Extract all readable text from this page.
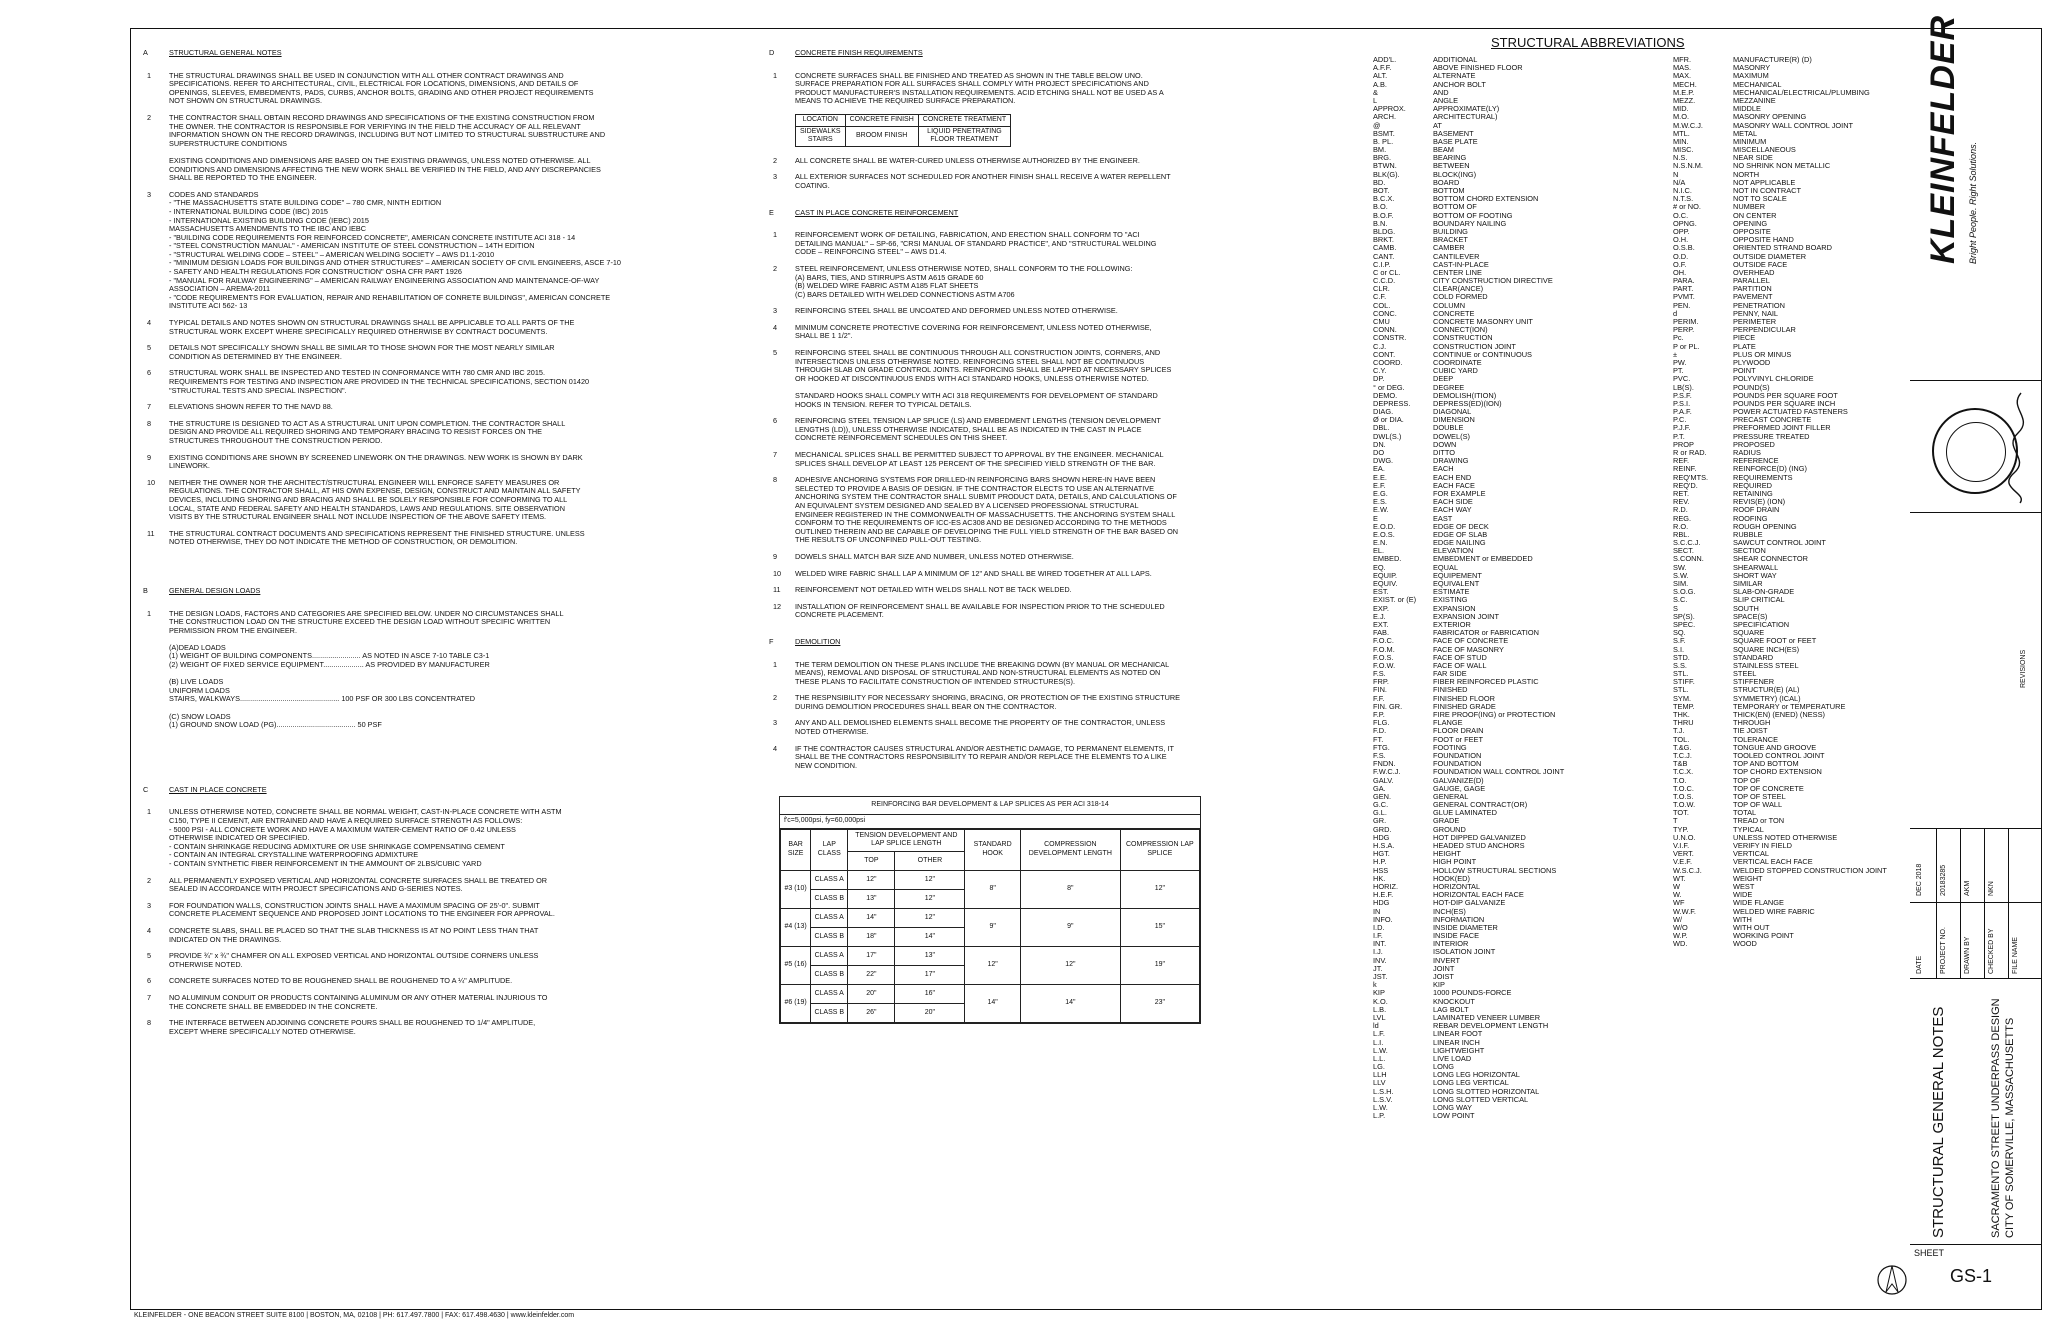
A	STRUCTURAL GENERAL NOTES
1	THE STRUCTURAL DRAWINGS SHALL BE USED IN CONJUNCTION WITH ALL OTHER CONTRACT DRAWINGS AND
SPECIFICATIONS. REFER TO ARCHITECTURAL, CIVIL, ELECTRICAL FOR LOCATIONS, DIMENSIONS, AND DETAILS OF
OPENINGS, SLEEVES, EMBEDMENTS, PADS, CURBS, ANCHOR BOLTS, GRADING AND OTHER PROJECT REQUIREMENTS
NOT SHOWN ON STRUCTURAL DRAWINGS.
2	THE CONTRACTOR SHALL OBTAIN RECORD DRAWINGS AND SPECIFICATIONS OF THE EXISTING CONSTRUCTION FROM
THE OWNER. THE CONTRACTOR IS RESPONSIBLE FOR VERIFYING IN THE FIELD THE ACCURACY OF ALL RELEVANT
INFORMATION SHOWN ON THE RECORD DRAWINGS, INCLUDING BUT NOT LIMITED TO STRUCTURAL SUBSTRUCTURE AND
SUPERSTRUCTURE CONDITIONS

EXISTING CONDITIONS AND DIMENSIONS ARE BASED ON THE EXISTING DRAWINGS, UNLESS NOTED OTHERWISE. ALL
CONDITIONS AND DIMENSIONS AFFECTING THE NEW WORK SHALL BE VERIFIED IN THE FIELD, AND ANY DISCREPANCIES
SHALL BE REPORTED TO THE ENGINEER.
3	CODES AND STANDARDS
- "THE MASSACHUSETTS STATE BUILDING CODE" – 780 CMR, NINTH EDITION
- INTERNATIONAL BUILDING CODE (IBC) 2015
- INTERNATIONAL EXISTING BUILDING CODE (IEBC) 2015
MASSACHUSETTS AMENDMENTS TO THE IBC AND IEBC
- "BUILDING CODE REQUIREMENTS FOR REINFORCED CONCRETE", AMERICAN CONCRETE INSTITUTE ACI 318 - 14
- "STEEL CONSTRUCTION MANUAL" - AMERICAN INSTITUTE OF STEEL CONSTRUCTION – 14TH EDITION
- "STRUCTURAL WELDING CODE – STEEL" – AMERICAN WELDING SOCIETY – AWS D1.1-2010
- "MINIMUM DESIGN LOADS FOR BUILDINGS AND OTHER STRUCTURES" – AMERICAN SOCIETY OF CIVIL ENGINEERS, ASCE 7-10
- SAFETY AND HEALTH REGULATIONS FOR CONSTRUCTION" OSHA CFR PART 1926
- "MANUAL FOR RAILWAY ENGINEERING" – AMERICAN RAILWAY ENGINEERING ASSOCIATION AND MAINTENANCE-OF-WAY
ASSOCIATION – AREMA-2011
- "CODE REQUIREMENTS FOR EVALUATION, REPAIR AND REHABILITATION OF CONRETE BUILDINGS", AMERICAN CONCRETE
INSTITUTE ACI 562- 13
4	TYPICAL DETAILS AND NOTES SHOWN ON STRUCTURAL DRAWINGS SHALL BE APPLICABLE TO ALL PARTS OF THE
STRUCTURAL WORK EXCEPT WHERE SPECIFICALLY REQUIRED OTHERWISE BY CONTRACT DOCUMENTS.
5	DETAILS NOT SPECIFICALLY SHOWN SHALL BE SIMILAR TO THOSE SHOWN FOR THE MOST NEARLY SIMILAR
CONDITION AS DETERMINED BY THE ENGINEER.
6	STRUCTURAL WORK SHALL BE INSPECTED AND TESTED IN CONFORMANCE WITH 780 CMR AND IBC 2015.
REQUIREMENTS FOR TESTING AND INSPECTION ARE PROVIDED IN THE TECHNICAL SPECIFICATIONS, SECTION 01420
"STRUCTURAL TESTS AND SPECIAL INSPECTION".
7	ELEVATIONS SHOWN REFER TO THE NAVD 88.
8	THE STRUCTURE IS DESIGNED TO ACT AS A STRUCTURAL UNIT UPON COMPLETION. THE CONTRACTOR SHALL
DESIGN AND PROVIDE ALL REQUIRED SHORING AND TEMPORARY BRACING TO RESIST FORCES ON THE
STRUCTURES THROUGHOUT THE CONSTRUCTION PERIOD.
9	EXISTING CONDITIONS ARE SHOWN BY SCREENED LINEWORK ON THE DRAWINGS. NEW WORK IS SHOWN BY DARK
LINEWORK.
10	NEITHER THE OWNER NOR THE ARCHITECT/STRUCTURAL ENGINEER WILL ENFORCE SAFETY MEASURES OR
REGULATIONS. THE CONTRACTOR SHALL, AT HIS OWN EXPENSE, DESIGN, CONSTRUCT AND MAINTAIN ALL SAFETY
DEVICES, INCLUDING SHORING AND BRACING AND SHALL BE SOLELY RESPONSIBLE FOR CONFORMING TO ALL
LOCAL, STATE AND FEDERAL SAFETY AND HEALTH STANDARDS, LAWS AND REGULATIONS. SITE OBSERVATION
VISITS BY THE STRUCTURAL ENGINEER SHALL NOT INCLUDE INSPECTION OF THE ABOVE SAFETY ITEMS.
11	THE STRUCTURAL CONTRACT DOCUMENTS AND SPECIFICATIONS REPRESENT THE FINISHED STRUCTURE. UNLESS
NOTED OTHERWISE, THEY DO NOT INDICATE THE METHOD OF CONSTRUCTION, OR DEMOLITION.
B	GENERAL DESIGN LOADS
1	THE DESIGN LOADS, FACTORS AND CATEGORIES ARE SPECIFIED BELOW. UNDER NO CIRCUMSTANCES SHALL
THE CONSTRUCTION LOAD ON THE STRUCTURE EXCEED THE DESIGN LOAD WITHOUT SPECIFIC WRITTEN
PERMISSION FROM THE ENGINEER.

(A)DEAD LOADS
(1) WEIGHT OF BUILDING COMPONENTS........................ AS NOTED IN ASCE 7-10 TABLE C3-1
(2) WEIGHT OF FIXED SERVICE EQUIPMENT.................... AS PROVIDED BY MANUFACTURER

(B) LIVE LOADS
UNIFORM LOADS
STAIRS, WALKWAYS................................................. 100 PSF OR 300 LBS CONCENTRATED

(C) SNOW LOADS
(1) GROUND SNOW LOAD (PG)....................................... 50 PSF
C	CAST IN PLACE CONCRETE
1	UNLESS OTHERWISE NOTED, CONCRETE SHALL BE NORMAL WEIGHT, CAST-IN-PLACE CONCRETE WITH ASTM
C150, TYPE II CEMENT, AIR ENTRAINED AND HAVE A REQUIRED SURFACE STRENGTH AS FOLLOWS:
- 5000 PSI - ALL CONCRETE WORK AND HAVE A MAXIMUM WATER-CEMENT RATIO OF 0.42 UNLESS
OTHERWISE INDICATED OR SPECIFIED.
- CONTAIN SHRINKAGE REDUCING ADMIXTURE OR USE SHRINKAGE COMPENSATING CEMENT
- CONTAIN AN INTEGRAL CRYSTALLINE WATERPROOFING ADMIXTURE
- CONTAIN SYNTHETIC FIBER REINFORCEMENT IN THE AMMOUNT OF 2LBS/CUBIC YARD
2	ALL PERMANENTLY EXPOSED VERTICAL AND HORIZONTAL CONCRETE SURFACES SHALL BE TREATED OR
SEALED IN ACCORDANCE WITH PROJECT SPECIFICATIONS AND G-SERIES NOTES.
3	FOR FOUNDATION WALLS, CONSTRUCTION JOINTS SHALL HAVE A MAXIMUM SPACING OF 25'-0". SUBMIT
CONCRETE PLACEMENT SEQUENCE AND PROPOSED JOINT LOCATIONS TO THE ENGINEER FOR APPROVAL.
4	CONCRETE SLABS, SHALL BE PLACED SO THAT THE SLAB THICKNESS IS AT NO POINT LESS THAN THAT
INDICATED ON THE DRAWINGS.
5	PROVIDE ¾" x ¾" CHAMFER ON ALL EXPOSED VERTICAL AND HORIZONTAL OUTSIDE CORNERS UNLESS
OTHERWISE NOTED.
6	CONCRETE SURFACES NOTED TO BE ROUGHENED SHALL BE ROUGHENED TO A ¼" AMPLITUDE.
7	NO ALUMINUM CONDUIT OR PRODUCTS CONTAINING ALUMINUM OR ANY OTHER MATERIAL INJURIOUS TO
THE CONCRETE SHALL BE EMBEDDED IN THE CONCRETE.
8	THE INTERFACE BETWEEN ADJOINING CONCRETE POURS SHALL BE ROUGHENED TO 1/4" AMPLITUDE,
EXCEPT WHERE SPECIFICALLY NOTED OTHERWISE.
D	CONCRETE FINISH REQUIREMENTS
1	CONCRETE SURFACES SHALL BE FINISHED AND TREATED AS SHOWN IN THE TABLE BELOW UNO.
SURFACE PREPARATION FOR ALL SURFACES SHALL COMPLY WITH PROJECT SPECIFICATIONS AND
PRODUCT MANUFACTURER'S INSTALLATION REQUIREMENTS. ACID ETCHING SHALL NOT BE USED AS A
MEANS TO ACHIEVE THE REQUIRED SURFACE PREPARATION.
LOCATION	CONCRETE FINISH	CONCRETE TREATMENT
SIDEWALKS
STAIRS	BROOM FINISH	LIQUID PENETRATING
FLOOR TREATMENT
2	ALL CONCRETE SHALL BE WATER-CURED UNLESS OTHERWISE AUTHORIZED BY THE ENGINEER.
3	ALL EXTERIOR SURFACES NOT SCHEDULED FOR ANOTHER FINISH SHALL RECEIVE A WATER REPELLENT
COATING.
E	CAST IN PLACE CONCRETE REINFORCEMENT
1	REINFORCEMENT WORK OF DETAILING, FABRICATION, AND ERECTION SHALL CONFORM TO "ACI
DETAILING MANUAL" – SP-66, "CRSI MANUAL OF STANDARD PRACTICE", AND "STRUCTURAL WELDING
CODE – REINFORCING STEEL" – AWS D1.4.
2	STEEL REINFORCEMENT, UNLESS OTHERWISE NOTED, SHALL CONFORM TO THE FOLLOWING:
(A) BARS, TIES, AND STIRRUPS ASTM A615 GRADE 60
(B) WELDED WIRE FABRIC ASTM A185 FLAT SHEETS
(C) BARS DETAILED WITH WELDED CONNECTIONS ASTM A706
3	REINFORCING STEEL SHALL BE UNCOATED AND DEFORMED UNLESS NOTED OTHERWISE.
4	MINIMUM CONCRETE PROTECTIVE COVERING FOR REINFORCEMENT, UNLESS NOTED OTHERWISE,
SHALL BE 1 1/2".
5	REINFORCING STEEL SHALL BE CONTINUOUS THROUGH ALL CONSTRUCTION JOINTS, CORNERS, AND
INTERSECTIONS UNLESS OTHERWISE NOTED. REINFORCING STEEL SHALL NOT BE CONTINUOUS
THROUGH SLAB ON GRADE CONTROL JOINTS. REINFORCING SHALL BE LAPPED AT NECESSARY SPLICES
OR HOOKED AT DISCONTINUOUS ENDS WITH ACI STANDARD HOOKS, UNLESS OTHERWISE NOTED.

STANDARD HOOKS SHALL COMPLY WITH ACI 318 REQUIREMENTS FOR DEVELOPMENT OF STANDARD
HOOKS IN TENSION. REFER TO TYPICAL DETAILS.
6	REINFORCING STEEL TENSION LAP SPLICE (LS) AND EMBEDMENT LENGTHS (TENSION DEVELOPMENT
LENGTHS (LD)), UNLESS OTHERWISE INDICATED, SHALL BE AS INDICATED IN THE CAST IN PLACE
CONCRETE REINFORCEMENT SCHEDULES ON THIS SHEET.
7	MECHANICAL SPLICES SHALL BE PERMITTED SUBJECT TO APPROVAL BY THE ENGINEER. MECHANICAL
SPLICES SHALL DEVELOP AT LEAST 125 PERCENT OF THE SPECIFIED YIELD STRENGTH OF THE BAR.
8	ADHESIVE ANCHORING SYSTEMS FOR DRILLED-IN REINFORCING BARS SHOWN HERE-IN HAVE BEEN
SELECTED TO PROVIDE A BASIS OF DESIGN. IF THE CONTRACTOR ELECTS TO USE AN ALTERNATIVE
ANCHORING SYSTEM THE CONTRACTOR SHALL SUBMIT PRODUCT DATA, DETAILS, AND CALCULATIONS OF
AN EQUIVALENT SYSTEM DESIGNED AND SEALED BY A LICENSED PROFESSIONAL STRUCTURAL
ENGINEER REGISTERED IN THE COMMONWEALTH OF MASSACHUSETTS. THE ANCHORING SYSTEM SHALL
CONFORM TO THE REQUIREMENTS OF ICC-ES AC308 AND BE DESIGNED ACCORDING TO THE METHODS
OUTLINED THEREIN AND BE CAPABLE OF DEVELOPING THE FULL YIELD STRENGTH OF THE BAR BASED ON
THE RESULTS OF UNCONFINED PULL-OUT TESTING.
9	DOWELS SHALL MATCH BAR SIZE AND NUMBER, UNLESS NOTED OTHERWISE.
10	WELDED WIRE FABRIC SHALL LAP A MINIMUM OF 12" AND SHALL BE WIRED TOGETHER AT ALL LAPS.
11	REINFORCEMENT NOT DETAILED WITH WELDS SHALL NOT BE TACK WELDED.
12	INSTALLATION OF REINFORCEMENT SHALL BE AVAILABLE FOR INSPECTION PRIOR TO THE SCHEDULED
CONCRETE PLACEMENT.
F	DEMOLITION
1	THE TERM DEMOLITION ON THESE PLANS INCLUDE THE BREAKING DOWN (BY MANUAL OR MECHANICAL
MEANS), REMOVAL AND DISPOSAL OF STRUCTURAL AND NON-STRUCTURAL ELEMENTS AS NOTED ON
THESE PLANS TO FACILITATE CONSTRUCTION OF INTENDED STRUCTURES(S).
2	THE RESPNSIBILITY FOR NECESSARY SHORING, BRACING, OR PROTECTION OF THE EXISTING STRUCTURE
DURING DEMOLITION PROCEDURES SHALL BEAR ON THE CONTRACTOR.
3	ANY AND ALL DEMOLISHED ELEMENTS SHALL BECOME THE PROPERTY OF THE CONTRACTOR, UNLESS
NOTED OTHERWISE.
4	IF THE CONTRACTOR CAUSES STRUCTURAL AND/OR AESTHETIC DAMAGE, TO PERMANENT ELEMENTS, IT
SHALL BE THE CONTRACTORS RESPONSIBILITY TO REPAIR AND/OR REPLACE THE ELEMENTS TO A LIKE
NEW CONDITION.
REINFORCING BAR DEVELOPMENT & LAP SPLICES AS PER ACI 318-14
f'c=5,000psi, fy=60,000psi
BAR SIZE	LAP CLASS	TENSION DEVELOPMENT AND LAP SPLICE LENGTH		STANDARD HOOK	COMPRESSION DEVELOPMENT LENGTH	COMPRESSION LAP SPLICE
		TOP	OTHER			
#3 (10)	CLASS A	12"	12"	8"	8"	12"
	CLASS B	13"	12"			
#4 (13)	CLASS A	14"	12"	9"	9"	15"
	CLASS B	18"	14"			
#5 (16)	CLASS A	17"	13"	12"	12"	19"
	CLASS B	22"	17"			
#6 (19)	CLASS A	20"	16"	14"	14"	23"
	CLASS B	26"	20"			
STRUCTURAL ABBREVIATIONS
ADD'L.	ADDITIONAL
A.F.F.	ABOVE FINISHED FLOOR
ALT.	ALTERNATE
A.B.	ANCHOR BOLT
&	AND
L	ANGLE
APPROX.	APPROXIMATE(LY)
ARCH.	ARCHITECTURAL)
@	AT
BSMT.	BASEMENT
B. PL.	BASE PLATE
BM.	BEAM
BRG.	BEARING
BTWN.	BETWEEN
BLK(G).	BLOCK(ING)
BD.	BOARD
BOT.	BOTTOM
B.C.X.	BOTTOM CHORD EXTENSION
B.O.	BOTTOM OF
B.O.F.	BOTTOM OF FOOTING
B.N.	BOUNDARY NAILING
BLDG.	BUILDING
BRKT.	BRACKET
CAMB.	CAMBER
CANT.	CANTILEVER
C.I.P.	CAST-IN-PLACE
C or CL.	CENTER LINE
C.C.D.	CITY CONSTRUCTION DIRECTIVE
CLR.	CLEAR(ANCE)
C.F.	COLD FORMED
COL.	COLUMN
CONC.	CONCRETE
CMU	CONCRETE MASONRY UNIT
CONN.	CONNECT(ION)
CONSTR.	CONSTRUCTION
C.J.	CONSTRUCTION JOINT
CONT.	CONTINUE or CONTINUOUS
COORD.	COORDINATE
C.Y.	CUBIC YARD
DP.	DEEP
° or DEG.	DEGREE
DEMO.	DEMOLISH(ITION)
DEPRESS.	DEPRESS(ED)(ION)
DIAG.	DIAGONAL
Ø or DIA.	DIMENSION
DBL.	DOUBLE
DWL(S.)	DOWEL(S)
DN.	DOWN
DO	DITTO
DWG.	DRAWING
EA.	EACH
E.E.	EACH END
E.F.	EACH FACE
E.G.	FOR EXAMPLE
E.S.	EACH SIDE
E.W.	EACH WAY
E	EAST
E.O.D.	EDGE OF DECK
E.O.S.	EDGE OF SLAB
E.N.	EDGE NAILING
EL.	ELEVATION
EMBED.	EMBEDMENT or EMBEDDED
EQ.	EQUAL
EQUIP.	EQUIPEMENT
EQUIV.	EQUIVALENT
EST.	ESTIMATE
EXIST. or (E)	EXISTING
EXP.	EXPANSION
E.J.	EXPANSION JOINT
EXT.	EXTERIOR
FAB.	FABRICATOR or FABRICATION
F.O.C.	FACE OF CONCRETE
F.O.M.	FACE OF MASONRY
F.O.S.	FACE OF STUD
F.O.W.	FACE OF WALL
F.S.	FAR SIDE
FRP.	FIBER REINFORCED PLASTIC
FIN.	FINISHED
F.F.	FINISHED FLOOR
FIN. GR.	FINISHED GRADE
F.P.	FIRE PROOF(ING) or PROTECTION
FLG.	FLANGE
F.D.	FLOOR DRAIN
FT.	FOOT or FEET
FTG.	FOOTING
F.S.	FOUNDATION
FNDN.	FOUNDATION
F.W.C.J.	FOUNDATION WALL CONTROL JOINT
GALV.	GALVANIZE(D)
GA.	GAUGE, GAGE
GEN.	GENERAL
G.C.	GENERAL CONTRACT(OR)
G.L.	GLUE LAMINATED
GR.	GRADE
GRD.	GROUND
HDG	HOT DIPPED GALVANIZED
H.S.A.	HEADED STUD ANCHORS
HGT.	HEIGHT
H.P.	HIGH POINT
HSS	HOLLOW STRUCTURAL SECTIONS
HK.	HOOK(ED)
HORIZ.	HORIZONTAL
H.E.F.	HORIZONTAL EACH FACE
HDG	HOT-DIP GALVANIZE
IN	INCH(ES)
INFO.	INFORMATION
I.D.	INSIDE DIAMETER
I.F.	INSIDE FACE
INT.	INTERIOR
I.J.	ISOLATION JOINT
INV.	INVERT
JT.	JOINT
JST.	JOIST
k	KIP
KIP	1000 POUNDS-FORCE
K.O.	KNOCKOUT
L.B.	LAG BOLT
LVL	LAMINATED VENEER LUMBER
ld	REBAR DEVELOPMENT LENGTH
L.F.	LINEAR FOOT
L.I.	LINEAR INCH
L.W.	LIGHTWEIGHT
L.L.	LIVE LOAD
LG.	LONG
LLH	LONG LEG HORIZONTAL
LLV	LONG LEG VERTICAL
L.S.H.	LONG SLOTTED HORIZONTAL
L.S.V.	LONG SLOTTED VERTICAL
L.W.	LONG WAY
L.P.	LOW POINT
MFR.	MANUFACTURE(R) (D)
MAS.	MASONRY
MAX.	MAXIMUM
MECH.	MECHANICAL
M.E.P.	MECHANICAL/ELECTRICAL/PLUMBING
MEZZ.	MEZZANINE
MID.	MIDDLE
M.O.	MASONRY OPENING
M.W.C.J.	MASONRY WALL CONTROL JOINT
MTL.	METAL
MIN.	MINIMUM
MISC.	MISCELLANEOUS
N.S.	NEAR SIDE
N.S.N.M.	NO SHRINK NON METALLIC
N	NORTH
N/A	NOT APPLICABLE
N.I.C.	NOT IN CONTRACT
N.T.S.	NOT TO SCALE
# or NO.	NUMBER
O.C.	ON CENTER
OPNG.	OPENING
OPP.	OPPOSITE
O.H.	OPPOSITE HAND
O.S.B.	ORIENTED STRAND BOARD
O.D.	OUTSIDE DIAMETER
O.F.	OUTSIDE FACE
OH.	OVERHEAD
PARA.	PARALLEL
PART.	PARTITION
PVMT.	PAVEMENT
PEN.	PENETRATION
d	PENNY, NAIL
PERIM.	PERIMETER
PERP.	PERPENDICULAR
Pc.	PIECE
P or PL.	PLATE
±	PLUS OR MINUS
PW.	PLYWOOD
PT.	POINT
PVC.	POLYVINYL CHLORIDE
LB(S).	POUND(S)
P.S.F.	POUNDS PER SQUARE FOOT
P.S.I.	POUNDS PER SQUARE INCH
P.A.F.	POWER ACTUATED FASTENERS
P.C.	PRECAST CONCRETE
P.J.F.	PREFORMED JOINT FILLER
P.T.	PRESSURE TREATED
PROP	PROPOSED
R or RAD.	RADIUS
REF.	REFERENCE
REINF.	REINFORCE(D) (ING)
REQ'MTS.	REQUIREMENTS
REQ'D.	REQUIRED
RET.	RETAINING
REV.	REVIS(E) (ION)
R.D.	ROOF DRAIN
REG.	ROOFING
R.O.	ROUGH OPENING
RBL.	RUBBLE
S.C.C.J.	SAWCUT CONTROL JOINT
SECT.	SECTION
S.CONN.	SHEAR CONNECTOR
SW.	SHEARWALL
S.W.	SHORT WAY
SIM.	SIMILAR
S.O.G.	SLAB-ON-GRADE
S.C.	SLIP CRITICAL
S	SOUTH
SP(S).	SPACE(S)
SPEC.	SPECIFICATION
SQ.	SQUARE
S.F.	SQUARE FOOT or FEET
S.I.	SQUARE INCH(ES)
STD.	STANDARD
S.S.	STAINLESS STEEL
STL.	STEEL
STIFF.	STIFFENER
STL.	STRUCTUR(E) (AL)
SYM.	SYMMETRY) (ICAL)
TEMP.	TEMPORARY or TEMPERATURE
THK.	THICK(EN) (ENED) (NESS)
THRU	THROUGH
T.J.	TIE JOIST
TOL.	TOLERANCE
T.&G.	TONGUE AND GROOVE
T.C.J.	TOOLED CONTROL JOINT
T&B	TOP AND BOTTOM
T.C.X.	TOP CHORD EXTENSION
T.O.	TOP OF
T.O.C.	TOP OF CONCRETE
T.O.S.	TOP OF STEEL
T.O.W.	TOP OF WALL
TOT.	TOTAL
T	TREAD or TON
TYP.	TYPICAL
U.N.O.	UNLESS NOTED OTHERWISE
V.I.F.	VERIFY IN FIELD
VERT.	VERTICAL
V.E.F.	VERTICAL EACH FACE
W.S.C.J.	WELDED STOPPED CONSTRUCTION JOINT
WT.	WEIGHT
W	WEST
W.	WIDE
WF	WIDE FLANGE
W.W.F.	WELDED WIRE FABRIC
W/	WITH
W/O	WITH OUT
W.P.	WORKING POINT
WD.	WOOD
KLEINFELDER Bright People. Right Solutions.
REVISIONS
DATE
DEC 2018
PROJECT NO.
20183285
DRAWN BY
AKM
CHECKED BY
NKN
FILE NAME
STRUCTURAL GENERAL NOTES	SACRAMENTO STREET UNDERPASS DESIGN CITY OF SOMERVILLE, MASSACHUSETTS
SHEET
GS-1
KLEINFELDER - ONE BEACON STREET SUITE 8100 | BOSTON, MA, 02108 | PH: 617.497.7800 | FAX: 617.498.4630 | www.kleinfelder.com
